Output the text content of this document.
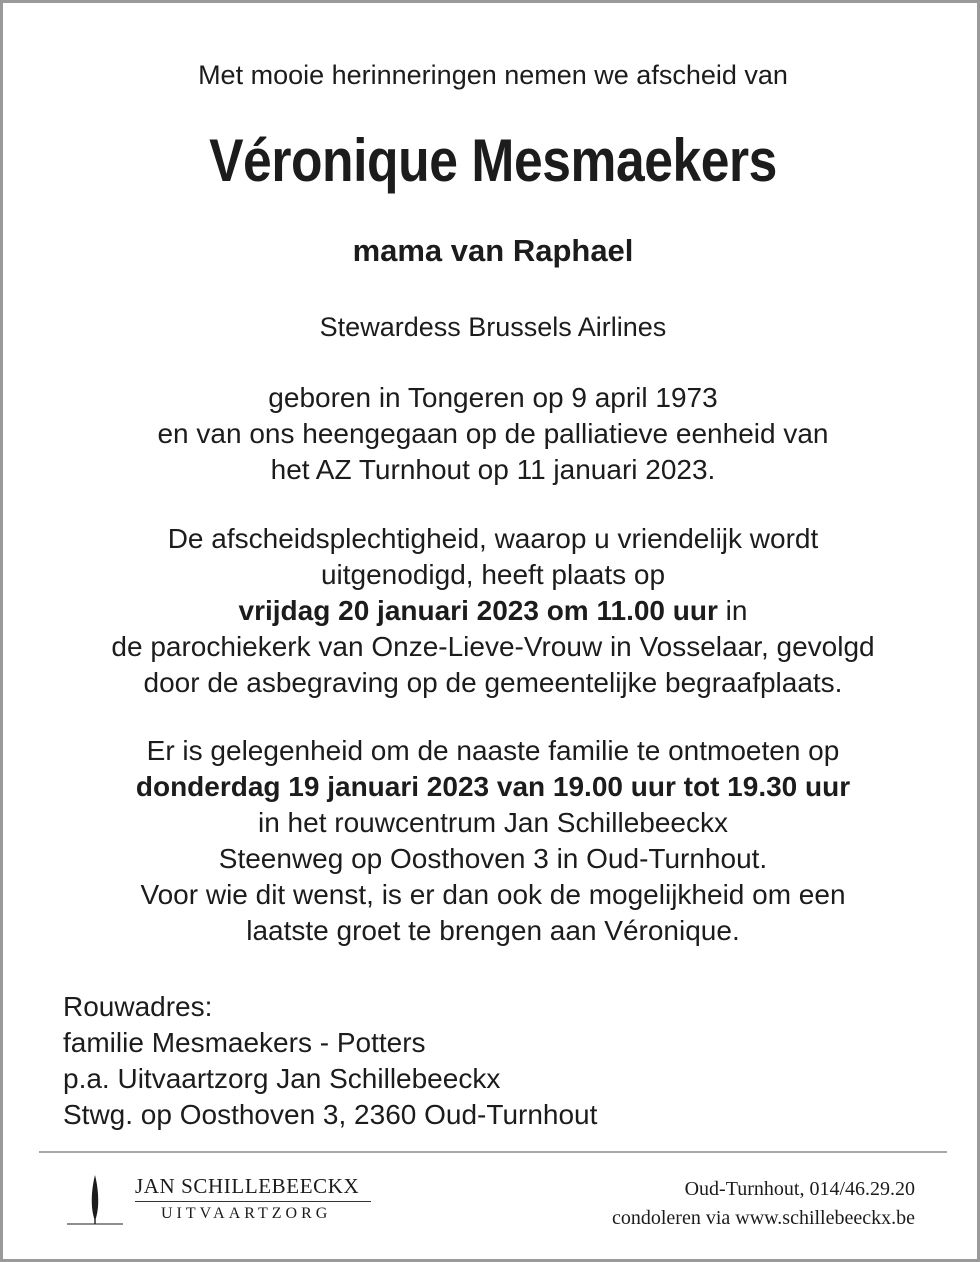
Met mooie herinneringen nemen we afscheid van
Véronique Mesmaekers
mama van Raphael
Stewardess Brussels Airlines
geboren in Tongeren op 9 april 1973
en van ons heengegaan op de palliatieve eenheid van
het AZ Turnhout op 11 januari 2023.
De afscheidsplechtigheid, waarop u vriendelijk wordt
uitgenodigd, heeft plaats op
vrijdag 20 januari 2023 om 11.00 uur in
de parochiekerk van Onze-Lieve-Vrouw in Vosselaar, gevolgd
door de asbegraving op de gemeentelijke begraafplaats.
Er is gelegenheid om de naaste familie te ontmoeten op
donderdag 19 januari 2023 van 19.00 uur tot 19.30 uur
in het rouwcentrum Jan Schillebeeckx
Steenweg op Oosthoven 3 in Oud-Turnhout.
Voor wie dit wenst, is er dan ook de mogelijkheid om een
laatste groet te brengen aan Véronique.
Rouwadres:
familie Mesmaekers - Potters
p.a. Uitvaartzorg Jan Schillebeeckx
Stwg. op Oosthoven 3, 2360 Oud-Turnhout
JAN SCHILLEBEECKX
UITVAARTZORG
Oud-Turnhout, 014/46.29.20
condoleren via www.schillebeeckx.be
